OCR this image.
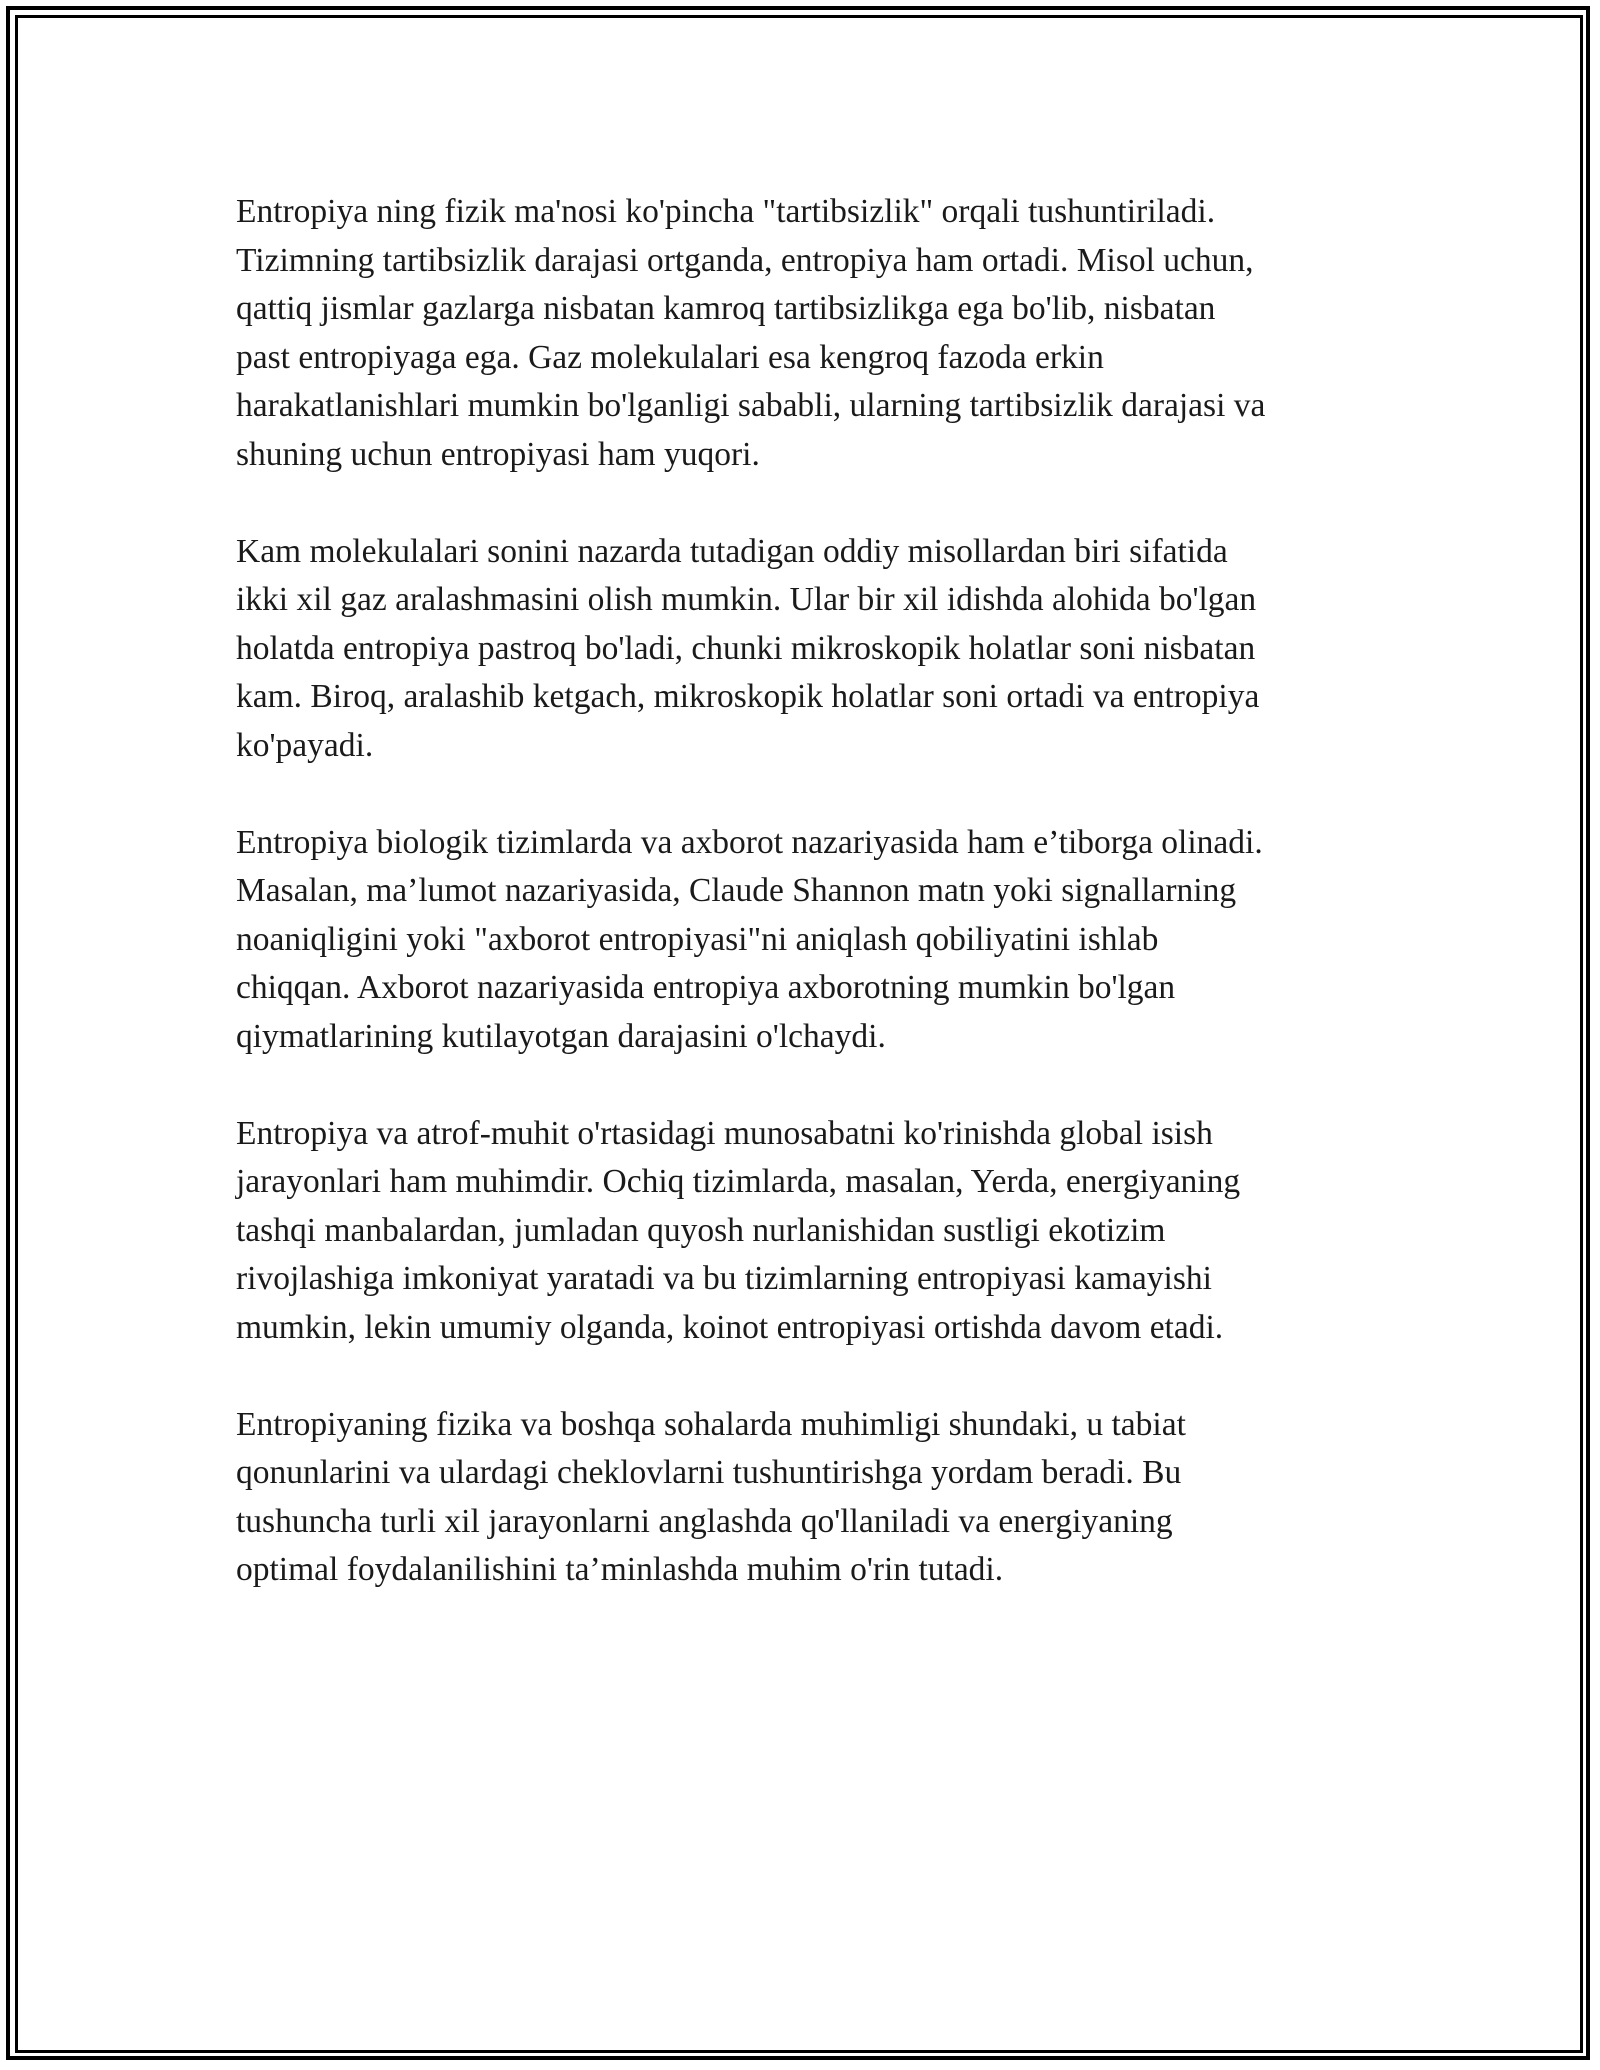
Entropiya ning fizik ma'nosi ko'pincha "tartibsizlik" orqali tushuntiriladi.
Tizimning tartibsizlik darajasi ortganda, entropiya ham ortadi. Misol uchun,
qattiq jismlar gazlarga nisbatan kamroq tartibsizlikga ega bo'lib, nisbatan
past entropiyaga ega. Gaz molekulalari esa kengroq fazoda erkin
harakatlanishlari mumkin bo'lganligi sababli, ularning tartibsizlik darajasi va
shuning uchun entropiyasi ham yuqori.

Kam molekulalari sonini nazarda tutadigan oddiy misollardan biri sifatida
ikki xil gaz aralashmasini olish mumkin. Ular bir xil idishda alohida bo'lgan
holatda entropiya pastroq bo'ladi, chunki mikroskopik holatlar soni nisbatan
kam. Biroq, aralashib ketgach, mikroskopik holatlar soni ortadi va entropiya
ko'payadi.

Entropiya biologik tizimlarda va axborot nazariyasida ham e’tiborga olinadi.
Masalan, ma’lumot nazariyasida, Claude Shannon matn yoki signallarning
noaniqligini yoki "axborot entropiyasi"ni aniqlash qobiliyatini ishlab
chiqqan. Axborot nazariyasida entropiya axborotning mumkin bo'lgan
qiymatlarining kutilayotgan darajasini o'lchaydi.

Entropiya va atrof-muhit o'rtasidagi munosabatni ko'rinishda global isish
jarayonlari ham muhimdir. Ochiq tizimlarda, masalan, Yerda, energiyaning
tashqi manbalardan, jumladan quyosh nurlanishidan sustligi ekotizim
rivojlashiga imkoniyat yaratadi va bu tizimlarning entropiyasi kamayishi
mumkin, lekin umumiy olganda, koinot entropiyasi ortishda davom etadi.

Entropiyaning fizika va boshqa sohalarda muhimligi shundaki, u tabiat
qonunlarini va ulardagi cheklovlarni tushuntirishga yordam beradi. Bu
tushuncha turli xil jarayonlarni anglashda qo'llaniladi va energiyaning
optimal foydalanilishini ta’minlashda muhim o'rin tutadi.
